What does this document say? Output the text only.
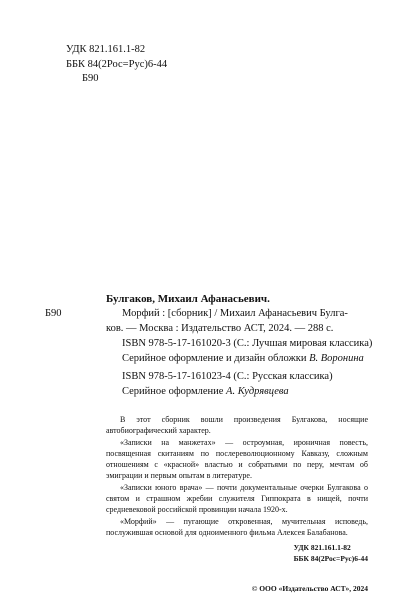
УДК 821.161.1-82
ББК 84(2Рос=Рус)6-44
Б90
Булгаков, Михаил Афанасьевич.
Б90	Морфий : [сборник] / Михаил Афанасьевич Булга-
ков. — Москва : Издательство АСТ, 2024. — 288 с.
ISBN 978-5-17-161020-3 (С.: Лучшая мировая классика)
Серийное оформление и дизайн обложки В. Воронина
ISBN 978-5-17-161023-4 (С.: Русская классика)
Серийное оформление А. Кудрявцева

В этот сборник вошли произведения Булгакова, носящие автобиографический характер.

«Записки на манжетах» — остроумная, ироничная повесть, посвященная скитаниям по послереволюционному Кавказу, сложным отношениям с «красной» властью и собратьями по перу, мечтам об эмиграции и первым опытам в литературе.

«Записки юного врача» — почти документальные очерки Булгакова о святом и страшном жребии служителя Гиппократа в нищей, почти средневековой российской провинции начала 1920-х.

«Морфий» — пугающие откровенная, мучительная исповедь, послужившая основой для одноименного фильма Алексея Балабанова.

УДК 821.161.1-82
ББК 84(2Рос=Рус)6-44
© ООО «Издательство АСТ», 2024
